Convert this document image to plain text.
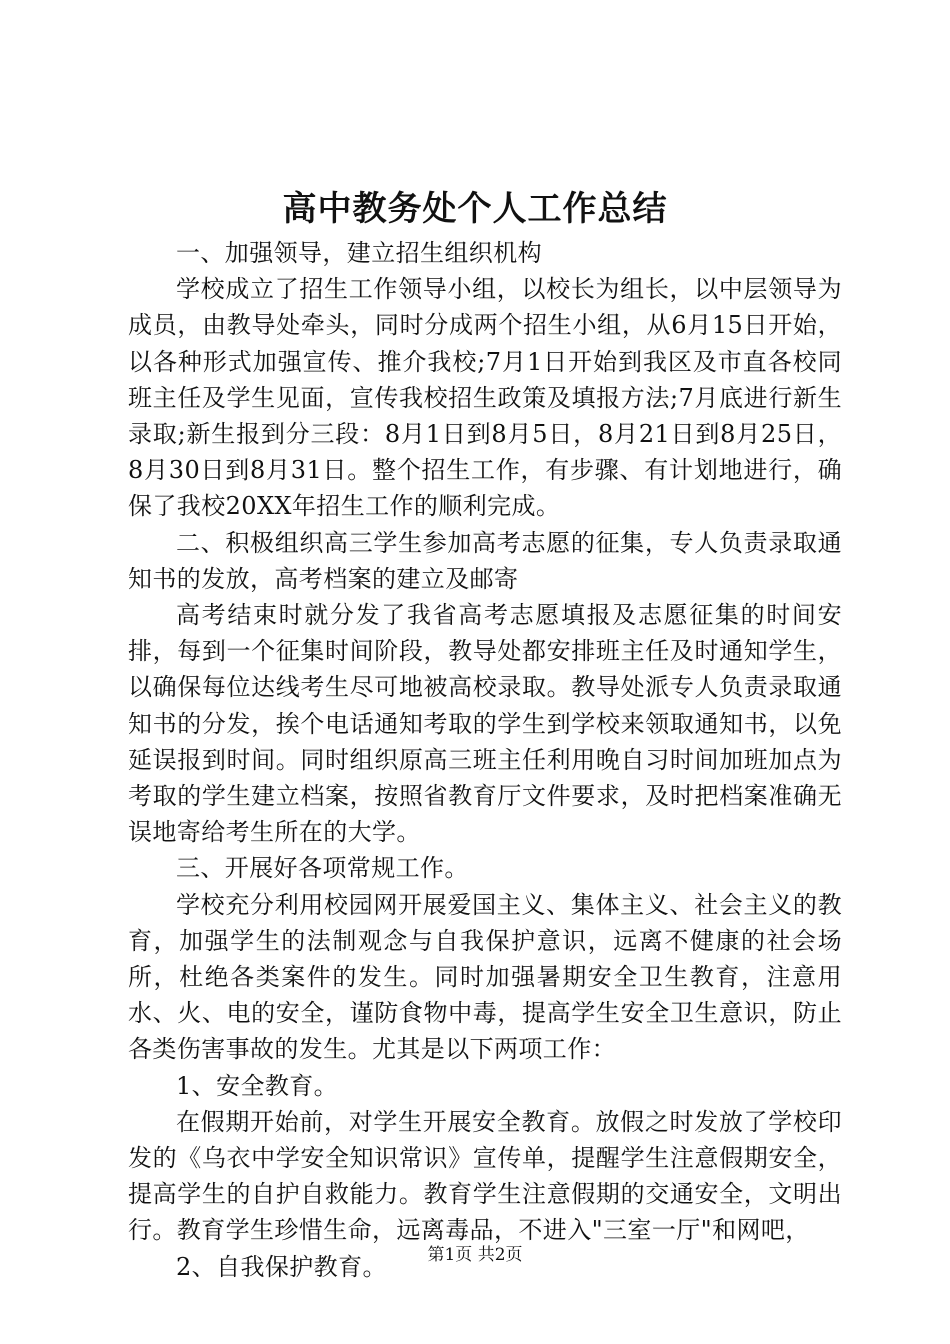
高中教务处个人工作总结

一、加强领导，建立招生组织机构

学校成立了招生工作领导小组，以校长为组长，以中层领导为成员，由教导处牵头，同时分成两个招生小组，从6月15日开始，以各种形式加强宣传、推介我校;7月1日开始到我区及市直各校同班主任及学生见面，宣传我校招生政策及填报方法;7月底进行新生录取;新生报到分三段：8月1日到8月5日，8月21日到8月25日，8月30日到8月31日。整个招生工作，有步骤、有计划地进行，确保了我校20XX年招生工作的顺利完成。

二、积极组织高三学生参加高考志愿的征集，专人负责录取通知书的发放，高考档案的建立及邮寄

高考结束时就分发了我省高考志愿填报及志愿征集的时间安排，每到一个征集时间阶段，教导处都安排班主任及时通知学生，以确保每位达线考生尽可地被高校录取。教导处派专人负责录取通知书的分发，挨个电话通知考取的学生到学校来领取通知书，以免延误报到时间。同时组织原高三班主任利用晚自习时间加班加点为考取的学生建立档案，按照省教育厅文件要求，及时把档案准确无误地寄给考生所在的大学。

三、开展好各项常规工作。

学校充分利用校园网开展爱国主义、集体主义、社会主义的教育，加强学生的法制观念与自我保护意识，远离不健康的社会场所，杜绝各类案件的发生。同时加强暑期安全卫生教育，注意用水、火、电的安全，谨防食物中毒，提高学生安全卫生意识，防止各类伤害事故的发生。尤其是以下两项工作：

1、安全教育。

在假期开始前，对学生开展安全教育。放假之时发放了学校印发的《乌衣中学安全知识常识》宣传单，提醒学生注意假期安全，提高学生的自护自救能力。教育学生注意假期的交通安全，文明出行。教育学生珍惜生命，远离毒品，不进入"三室一厅"和网吧，

2、自我保护教育。	第1页 共2页
